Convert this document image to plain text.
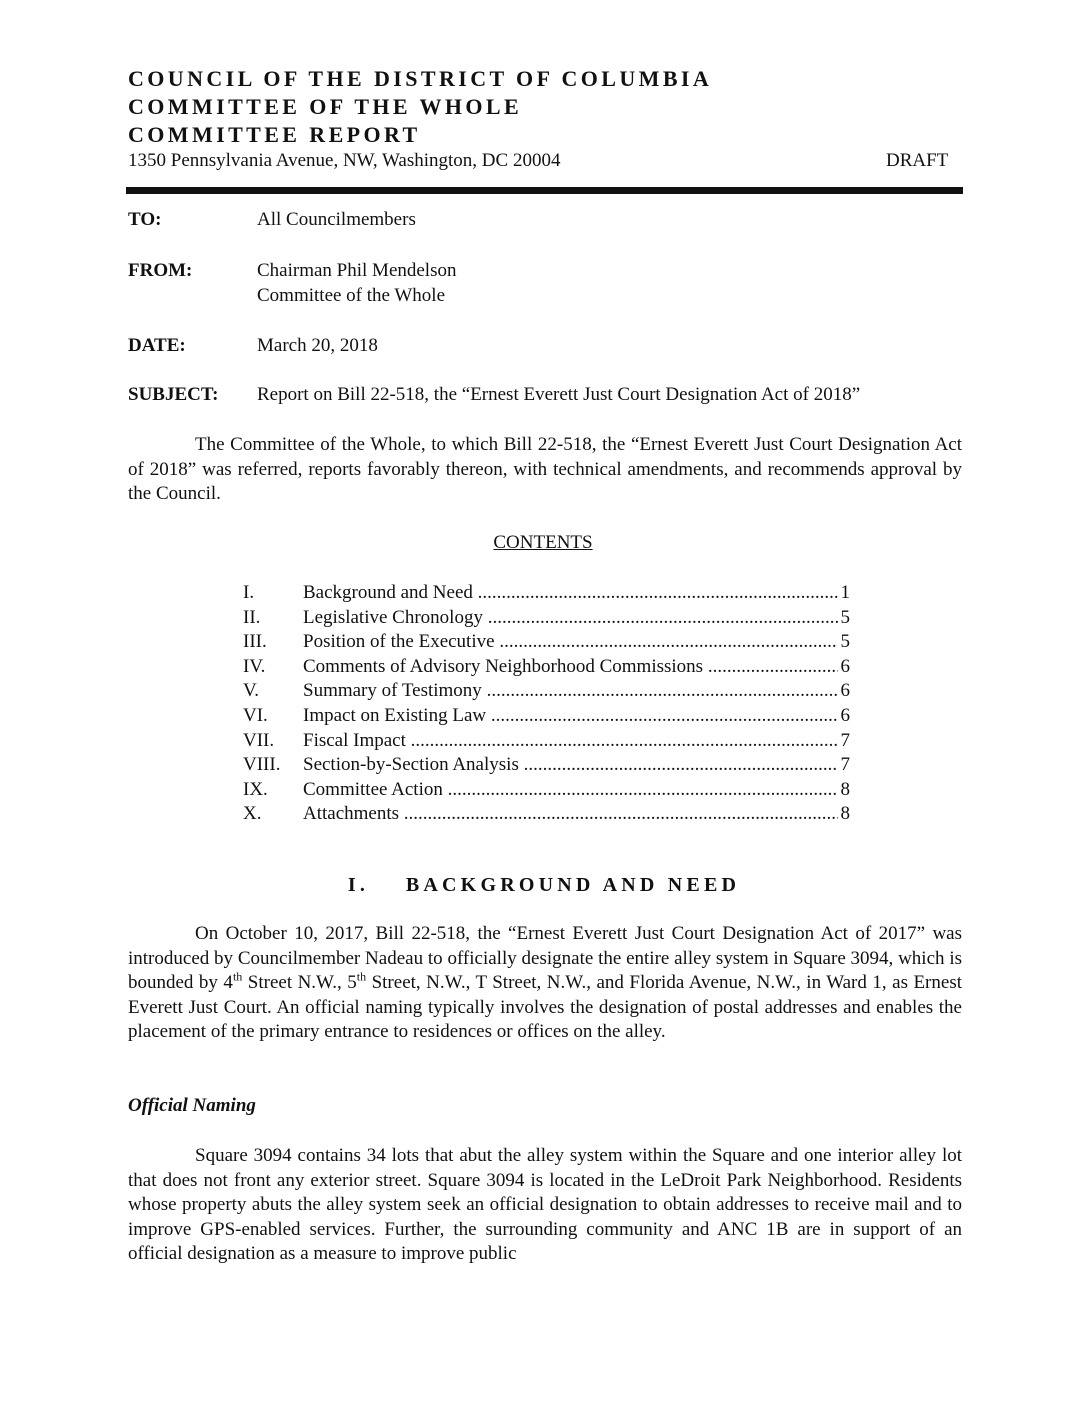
COUNCIL OF THE DISTRICT OF COLUMBIA
COMMITTEE OF THE WHOLE
COMMITTEE REPORT
1350 Pennsylvania Avenue, NW, Washington, DC 20004	DRAFT
TO:	All Councilmembers
FROM:	Chairman Phil Mendelson
Committee of the Whole
DATE:	March 20, 2018
SUBJECT: Report on Bill 22-518, the “Ernest Everett Just Court Designation Act of 2018”

The Committee of the Whole, to which Bill 22-518, the “Ernest Everett Just Court Designation Act of 2018” was referred, reports favorably thereon, with technical amendments, and recommends approval by the Council.

CONTENTS
I.	Background and Need .....	1
II. Legislative Chronology .....	5
III. Position of the Executive .....	5
IV. Comments of Advisory Neighborhood Commissions .....	6
V. Summary of Testimony .....	6
VI. Impact on Existing Law .....	6
VII. Fiscal Impact .....	7
VIII. Section-by-Section Analysis .....	7
IX. Committee Action .....	8
X. Attachments .....	8
I.    BACKGROUND AND NEED

On October 10, 2017, Bill 22-518, the “Ernest Everett Just Court Designation Act of 2017” was introduced by Councilmember Nadeau to officially designate the entire alley system in Square 3094, which is bounded by 4th Street N.W., 5th Street, N.W., T Street, N.W., and Florida Avenue, N.W., in Ward 1, as Ernest Everett Just Court. An official naming typically involves the designation of postal addresses and enables the placement of the primary entrance to residences or offices on the alley.

Official Naming

Square 3094 contains 34 lots that abut the alley system within the Square and one interior alley lot that does not front any exterior street. Square 3094 is located in the LeDroit Park Neighborhood. Residents whose property abuts the alley system seek an official designation to obtain addresses to receive mail and to improve GPS-enabled services. Further, the surrounding community and ANC 1B are in support of an official designation as a measure to improve public
